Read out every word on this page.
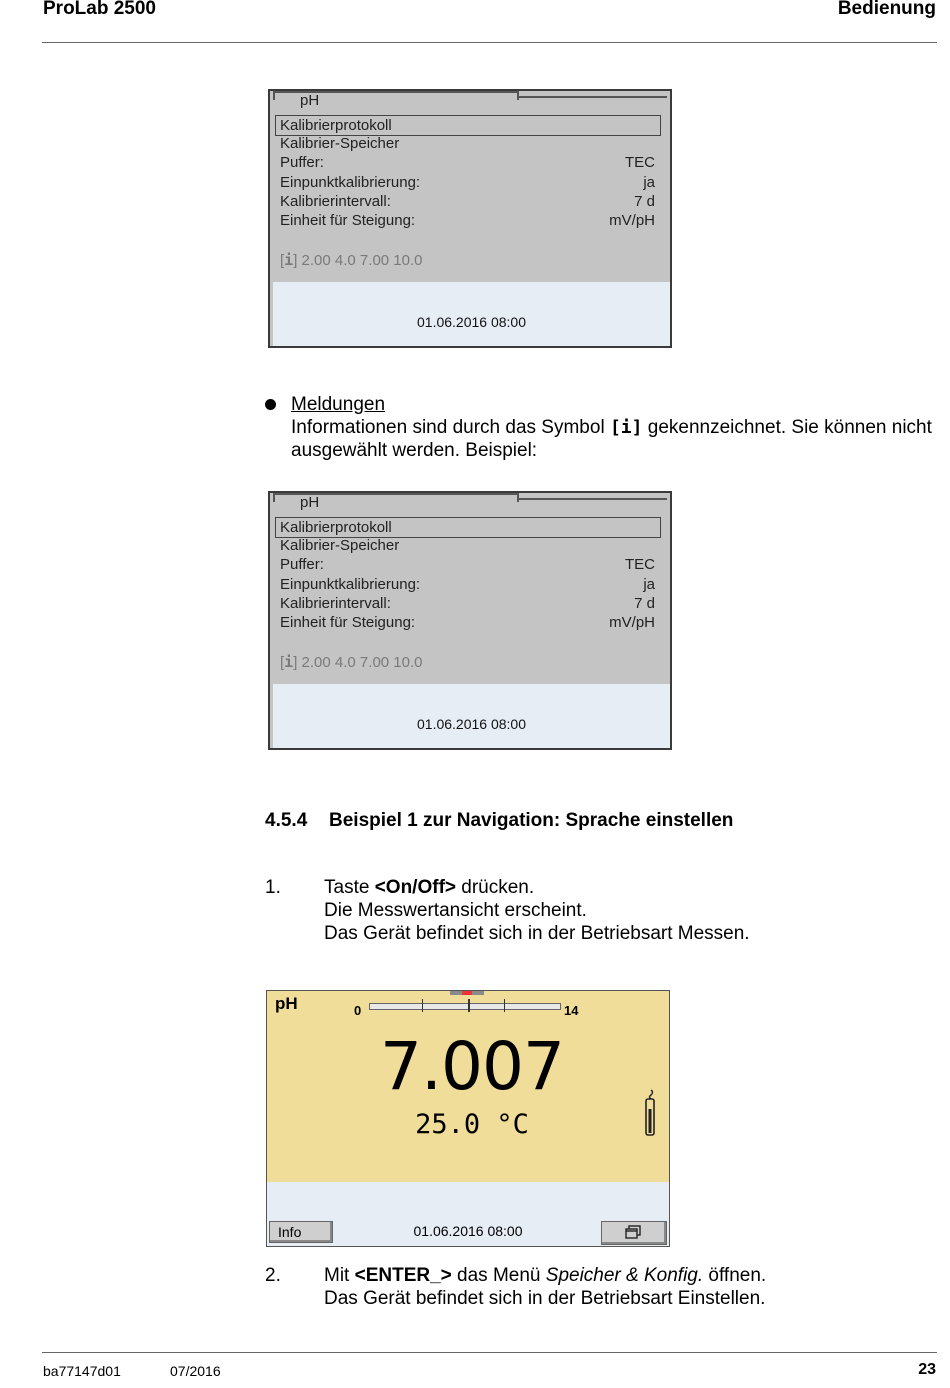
ProLab 2500	Bedienung
pH
Kalibrierprotokoll
Kalibrier-Speicher
Puffer:	TEC
Einpunktkalibrierung:	ja
Kalibrierintervall:	7 d
Einheit für Steigung:	mV/pH
[i] 2.00 4.0 7.00 10.0
01.06.2016 08:00
Meldungen
Informationen sind durch das Symbol [i] gekennzeichnet. Sie können nicht
ausgewählt werden. Beispiel:
pH
Kalibrierprotokoll
Kalibrier-Speicher
Puffer:	TEC
Einpunktkalibrierung:	ja
Kalibrierintervall:	7 d
Einheit für Steigung:	mV/pH
[i] 2.00 4.0 7.00 10.0
01.06.2016 08:00
4.5.4 Beispiel 1 zur Navigation: Sprache einstellen
1. Taste <On/Off> drücken.
Die Messwertansicht erscheint.
Das Gerät befindet sich in der Betriebsart Messen.
pH	0	14
7.007
25.0 °C
Info	01.06.2016 08:00
2. Mit <ENTER_> das Menü Speicher & Konfig. öffnen.
Das Gerät befindet sich in der Betriebsart Einstellen.
ba77147d01	07/2016	23
